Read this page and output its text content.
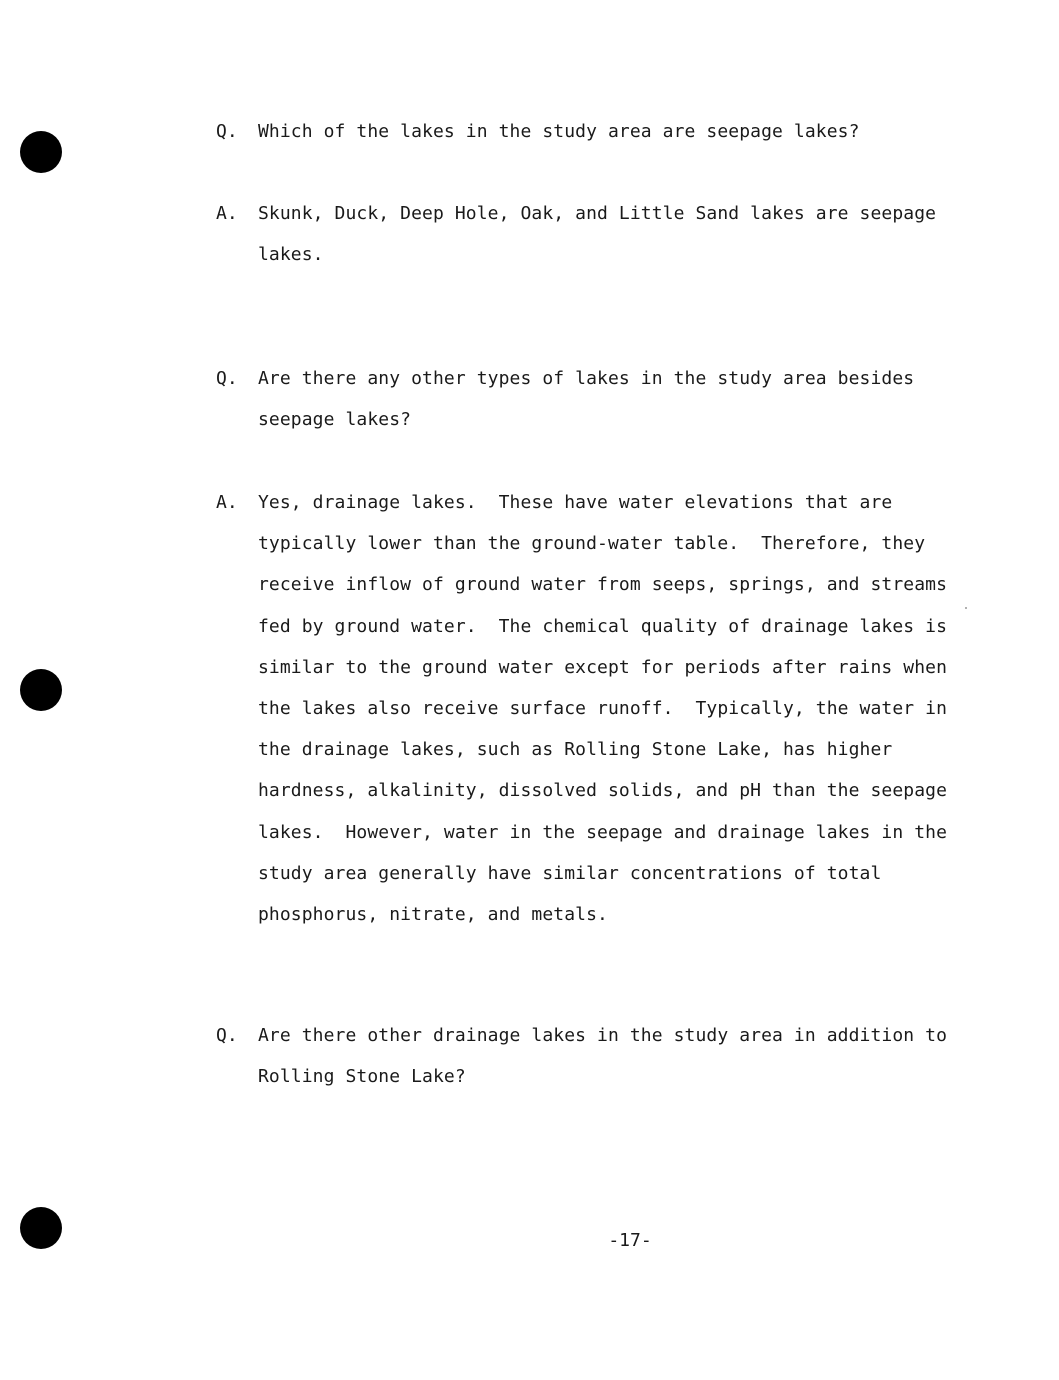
Q. Which of the lakes in the study area are seepage lakes?
A. Skunk, Duck, Deep Hole, Oak, and Little Sand lakes are seepage
lakes.
Q. Are there any other types of lakes in the study area besides
seepage lakes?
A. Yes, drainage lakes.  These have water elevations that are
typically lower than the ground-water table.  Therefore, they
receive inflow of ground water from seeps, springs, and streams
fed by ground water.  The chemical quality of drainage lakes is
similar to the ground water except for periods after rains when
the lakes also receive surface runoff.  Typically, the water in
the drainage lakes, such as Rolling Stone Lake, has higher
hardness, alkalinity, dissolved solids, and pH than the seepage
lakes.  However, water in the seepage and drainage lakes in the
study area generally have similar concentrations of total
phosphorus, nitrate, and metals.
Q. Are there other drainage lakes in the study area in addition to
Rolling Stone Lake?
-17-
